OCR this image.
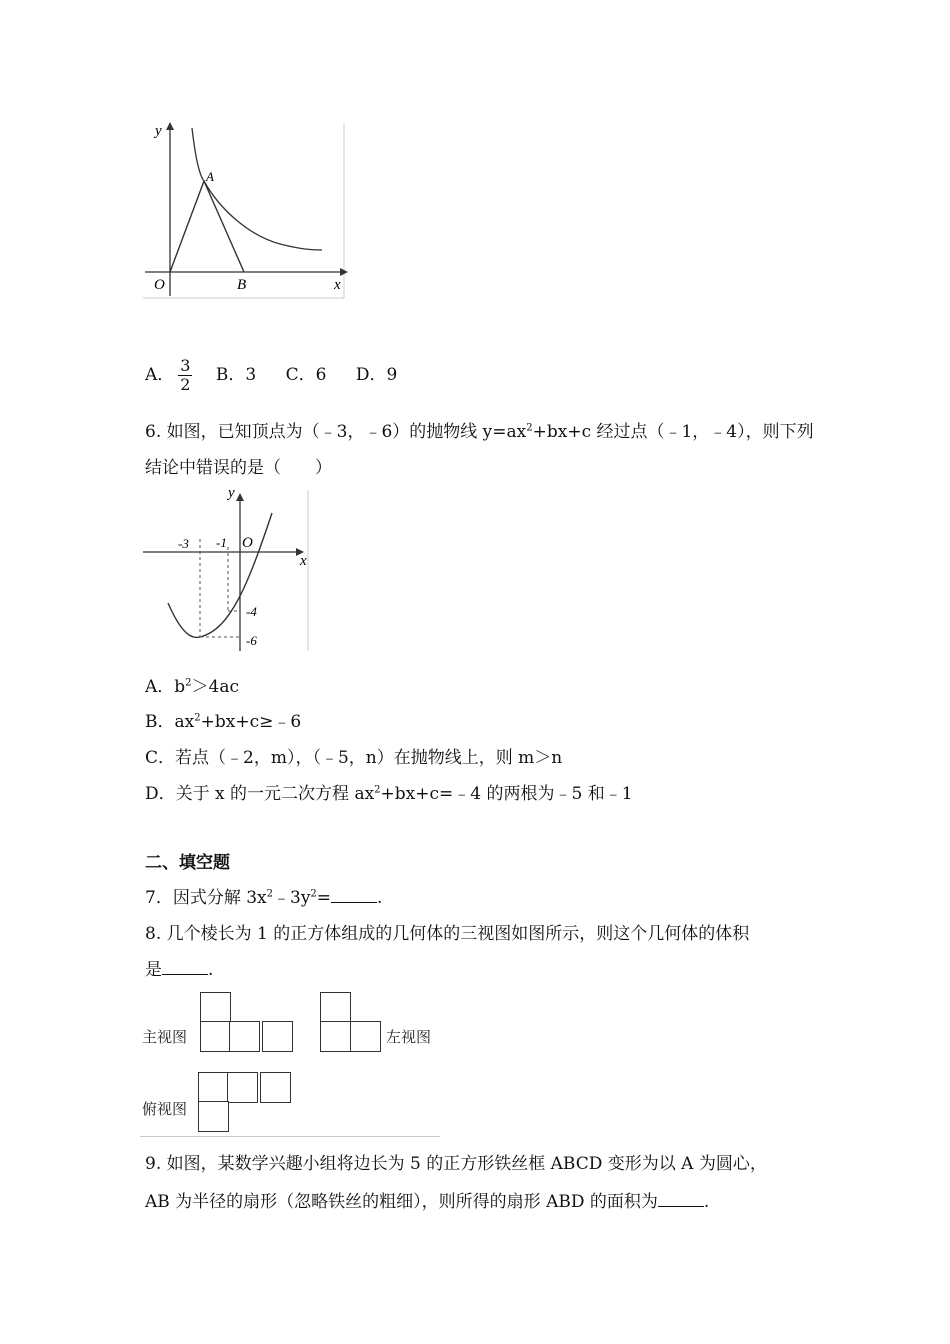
y
x
O
A
B
A． $\frac{3}{2}$ B．3 C．6 D．9
6. 如图，已知顶点为（﹣3，﹣6）的抛物线 $y=ax^2+bx+c$ 经过点（﹣1，﹣4），则下列
结论中错误的是（　　）
y
x
O
-3 -1
-4
-6
A．$b^2>4ac$
B．$ax^2+bx+c\ge﹣6$
C．若点（﹣2，m），（﹣5，n）在抛物线上，则 m＞n
D．关于 x 的一元二次方程 $ax^2+bx+c=﹣4$ 的两根为﹣5 和﹣1
二、填空题
7．因式分解 $3x^2﹣3y^2=$	.
8. 几个棱长为 1 的正方体组成的几何体的三视图如图所示，则这个几何体的体积
是	.
主视图	左视图
俯视图
9. 如图，某数学兴趣小组将边长为 5 的正方形铁丝框 ABCD 变形为以 A 为圆心，
AB 为半径的扇形（忽略铁丝的粗细），则所得的扇形 ABD 的面积为	.
